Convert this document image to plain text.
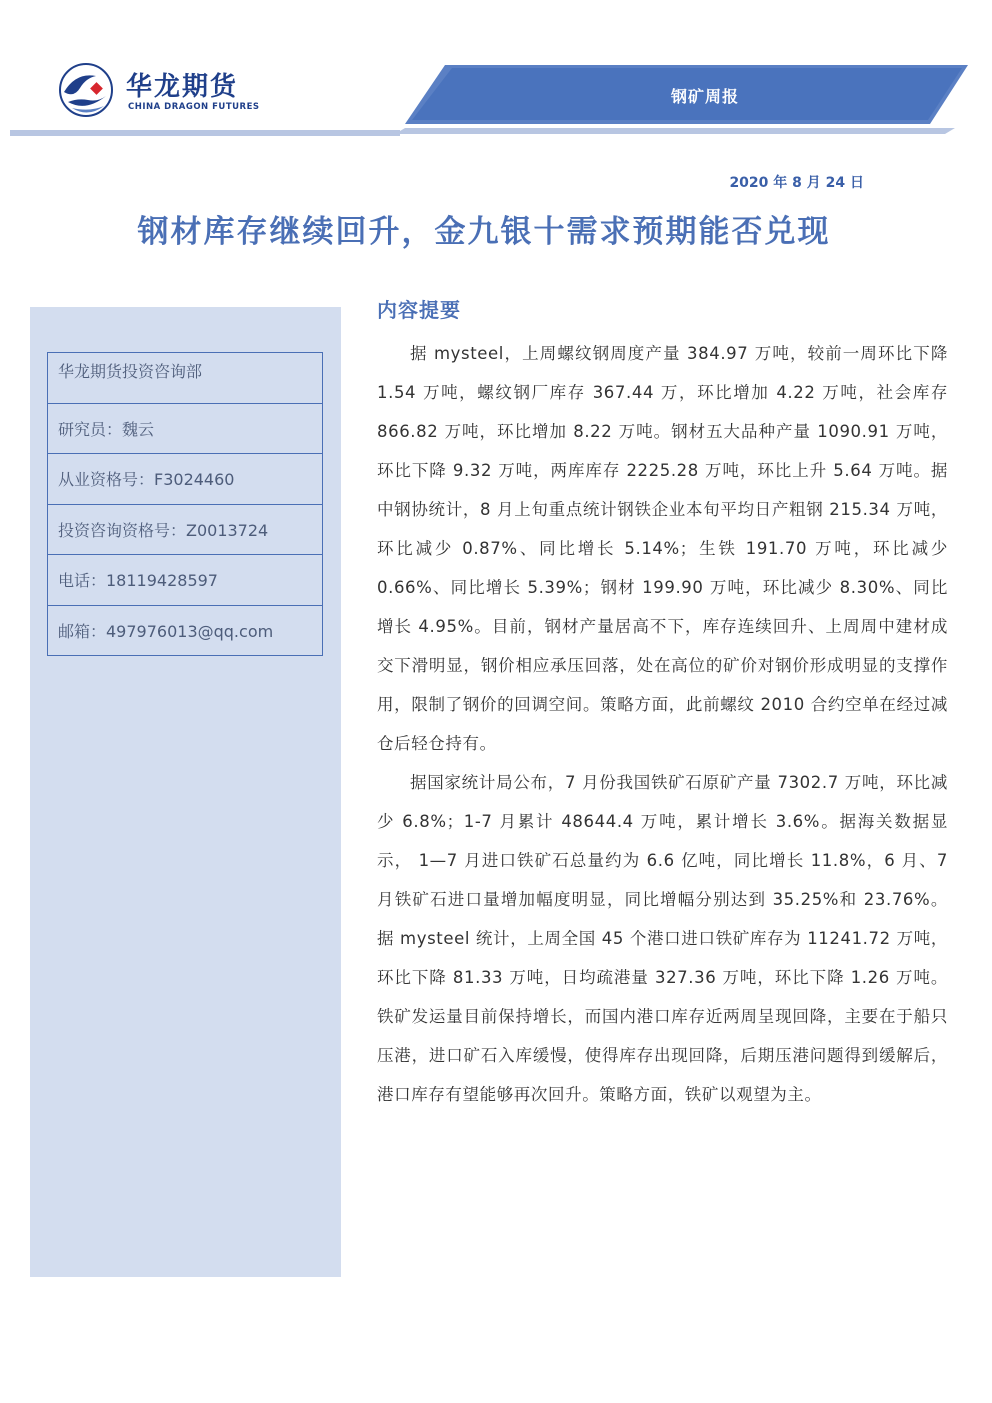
华龙期货
CHINA DRAGON FUTURES
钢矿周报
2020 年 8 月 24 日
钢材库存继续回升，金九银十需求预期能否兑现
华龙期货投资咨询部
研究员：魏云
从业资格号：F3024460
投资咨询资格号：Z0013724
电话：18119428597
邮箱：497976013@qq.com
内容提要

据 mysteel，上周螺纹钢周度产量 384.97 万吨，较前一周环比下降 1.54 万吨，螺纹钢厂库存 367.44 万，环比增加 4.22 万吨，社会库存 866.82 万吨，环比增加 8.22 万吨。钢材五大品种产量 1090.91 万吨，环比下降 9.32 万吨，两库库存 2225.28 万吨，环比上升 5.64 万吨。据中钢协统计，8 月上旬重点统计钢铁企业本旬平均日产粗钢 215.34 万吨，环比减少 0.87%、同比增长 5.14%；生铁 191.70 万吨，环比减少 0.66%、同比增长 5.39%；钢材 199.90 万吨，环比减少 8.30%、同比增长 4.95%。目前，钢材产量居高不下，库存连续回升、上周周中建材成交下滑明显，钢价相应承压回落，处在高位的矿价对钢价形成明显的支撑作用，限制了钢价的回调空间。策略方面，此前螺纹 2010 合约空单在经过减仓后轻仓持有。

据国家统计局公布，7 月份我国铁矿石原矿产量 7302.7 万吨，环比减少 6.8%；1-7 月累计 48644.4 万吨，累计增长 3.6%。据海关数据显示， 1—7 月进口铁矿石总量约为 6.6 亿吨，同比增长 11.8%，6 月、7 月铁矿石进口量增加幅度明显，同比增幅分别达到 35.25%和 23.76%。据 mysteel 统计，上周全国 45 个港口进口铁矿库存为 11241.72 万吨，环比下降 81.33 万吨，日均疏港量 327.36 万吨，环比下降 1.26 万吨。铁矿发运量目前保持增长，而国内港口库存近两周呈现回降，主要在于船只压港，进口矿石入库缓慢，使得库存出现回降，后期压港问题得到缓解后，港口库存有望能够再次回升。策略方面，铁矿以观望为主。
